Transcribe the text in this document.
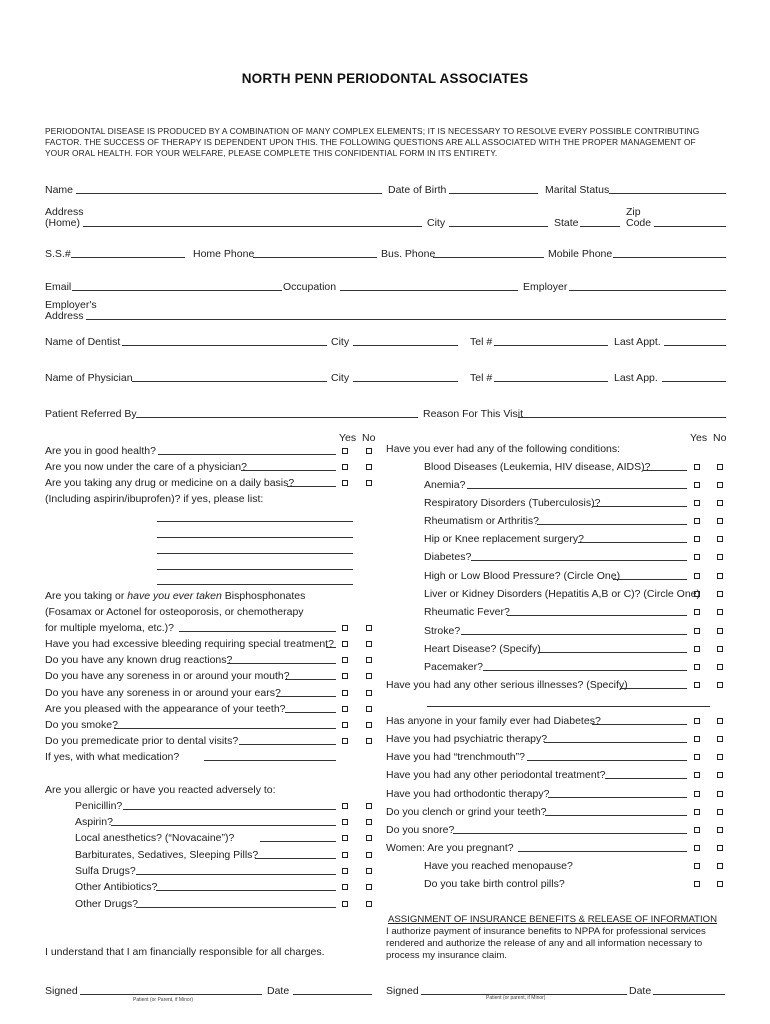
NORTH PENN PERIODONTAL ASSOCIATES
PERIODONTAL DISEASE IS PRODUCED BY A COMBINATION OF MANY COMPLEX ELEMENTS; IT IS NECESSARY TO RESOLVE EVERY POSSIBLE CONTRIBUTING
FACTOR. THE SUCCESS OF THERAPY IS DEPENDENT UPON THIS. THE FOLLOWING QUESTIONS ARE ALL ASSOCIATED WITH THE PROPER MANAGEMENT OF
YOUR ORAL HEALTH. FOR YOUR WELFARE, PLEASE COMPLETE THIS CONFIDENTIAL FORM IN ITS ENTIRETY.
Name	Date of Birth	Marital Status
Address
(Home)	City	State
Zip
Code
S.S.#	Home Phone	Bus. Phone	Mobile Phone
Email	Occupation	Employer
Employer's
Address
Name of Dentist	City	Tel #	Last Appt.
Name of Physician	City	Tel #	Last App.
Patient Referred By	Reason For This Visit
Yes No	Yes No
Are you in good health?
Are you now under the care of a physician?
Are you taking any drug or medicine on a daily basis?
(Including aspirin/ibuprofen)? if yes, please list:
Are you taking or have you ever taken Bisphosphonates
(Fosamax or Actonel for osteoporosis, or chemotherapy
for multiple myeloma, etc.)?
Have you had excessive bleeding requiring special treatment?
Do you have any known drug reactions?
Do you have any soreness in or around your mouth?
Do you have any soreness in or around your ears?
Are you pleased with the appearance of your teeth?
Do you smoke?
Do you premedicate prior to dental visits?
If yes, with what medication?
Are you allergic or have you reacted adversely to:
Penicillin?
Aspirin?
Local anesthetics? (“Novacaine”)?
Barbiturates, Sedatives, Sleeping Pills?
Sulfa Drugs?
Other Antibiotics?
Other Drugs?
I understand that I am financially responsible for all charges.
Signed	Date
Patient (or Parent, if Minor)
Have you ever had any of the following conditions:
Blood Diseases (Leukemia, HIV disease, AIDS)?
Anemia?
Respiratory Disorders (Tuberculosis)?
Rheumatism or Arthritis?
Hip or Knee replacement surgery?
Diabetes?
High or Low Blood Pressure? (Circle One)
Liver or Kidney Disorders (Hepatitis A,B or C)? (Circle One)
Rheumatic Fever?
Stroke?
Heart Disease? (Specify)
Pacemaker?
Have you had any other serious illnesses? (Specify)
Has anyone in your family ever had Diabetes?
Have you had psychiatric therapy?
Have you had “trenchmouth”?
Have you had any other periodontal treatment?
Have you had orthodontic therapy?
Do you clench or grind your teeth?
Do you snore?
Women: Are you pregnant?
Have you reached menopause?
Do you take birth control pills?
ASSIGNMENT OF INSURANCE BENEFITS & RELEASE OF INFORMATION
I authorize payment of insurance benefits to NPPA for professional services
rendered and authorize the release of any and all information necessary to
process my insurance claim.
Signed	Date
Patient (or parent, if Minor)
